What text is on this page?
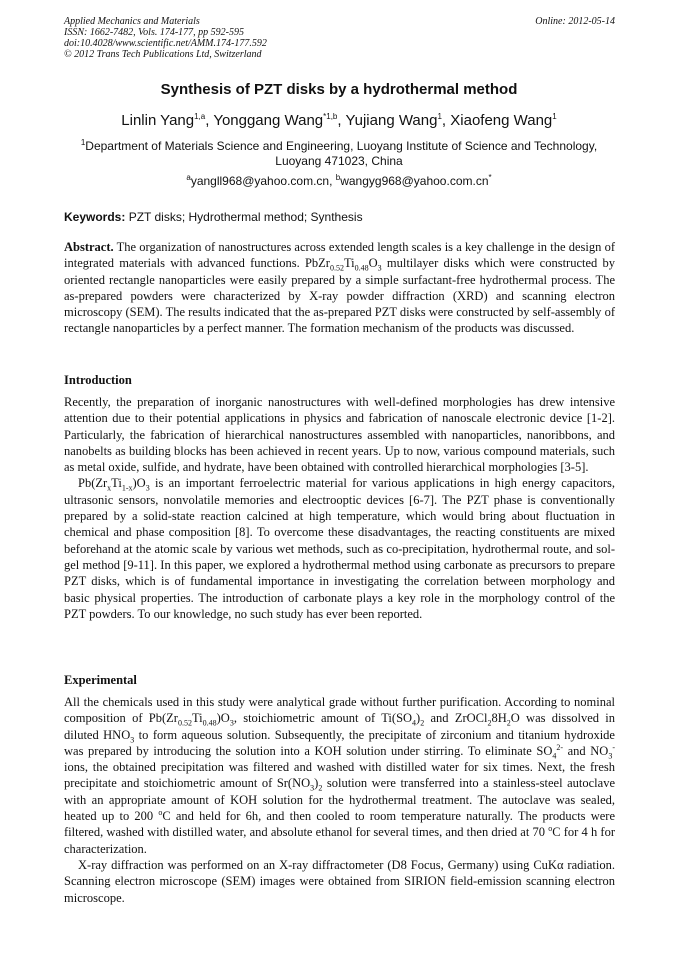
Applied Mechanics and Materials
ISSN: 1662-7482, Vols. 174-177, pp 592-595
doi:10.4028/www.scientific.net/AMM.174-177.592
© 2012 Trans Tech Publications Ltd, Switzerland
Online: 2012-05-14
Synthesis of PZT disks by a hydrothermal method
Linlin Yang$^{1,a}$, Yonggang Wang$^{*1,b}$, Yujiang Wang$^1$, Xiaofeng Wang$^1$
$^1$Department of Materials Science and Engineering, Luoyang Institute of Science and Technology,
Luoyang 471023, China
$^a$yangll968@yahoo.com.cn, $^b$wangyg968@yahoo.com.cn*
Keywords: PZT disks; Hydrothermal method; Synthesis

Abstract. The organization of nanostructures across extended length scales is a key challenge in the design of integrated materials with advanced functions. $PbZr_{0.52}Ti_{0.48}O_3$ multilayer disks which were constructed by oriented rectangle nanoparticles were easily prepared by a simple surfactant-free hydrothermal process. The as-prepared powders were characterized by X-ray powder diffraction (XRD) and scanning electron microscopy (SEM). The results indicated that the as-prepared PZT disks were constructed by self-assembly of rectangle nanoparticles by a perfect manner. The formation mechanism of the products was discussed.

Introduction

Recently, the preparation of inorganic nanostructures with well-defined morphologies has drew intensive attention due to their potential applications in physics and fabrication of nanoscale electronic device [1-2]. Particularly, the fabrication of hierarchical nanostructures assembled with nanoparticles, nanoribbons, and nanobelts as building blocks has been achieved in recent years. Up to now, various compound materials, such as metal oxide, sulfide, and hydrate, have been obtained with controlled hierarchical morphologies [3-5].

$Pb(Zr_xTi_{1-x})O_3$ is an important ferroelectric material for various applications in high energy capacitors, ultrasonic sensors, nonvolatile memories and electrooptic devices [6-7]. The PZT phase is conventionally prepared by a solid-state reaction calcined at high temperature, which would bring about fluctuation in chemical and phase composition [8]. To overcome these disadvantages, the reacting constituents are mixed beforehand at the atomic scale by various wet methods, such as co-precipitation, hydrothermal route, and sol-gel method [9-11]. In this paper, we explored a hydrothermal method using carbonate as precursors to prepare PZT disks, which is of fundamental importance in investigating the correlation between morphology and basic physical properties. The introduction of carbonate plays a key role in the morphology control of the PZT powders. To our knowledge, no such study has ever been reported.

Experimental

All the chemicals used in this study were analytical grade without further purification. According to nominal composition of $Pb(Zr_{0.52}Ti_{0.48})O_3$, stoichiometric amount of $Ti(SO_4)_2$ and $ZrOCl_28H_2O$ was dissolved in diluted $HNO_3$ to form aqueous solution. Subsequently, the precipitate of zirconium and titanium hydroxide was prepared by introducing the solution into a KOH solution under stirring. To eliminate $SO_4^{2-}$ and $NO_3^-$ ions, the obtained precipitation was filtered and washed with distilled water for six times. Next, the fresh precipitate and stoichiometric amount of $Sr(NO_3)_2$ solution were transferred into a stainless-steel autoclave with an appropriate amount of KOH solution for the hydrothermal treatment. The autoclave was sealed, heated up to 200 $^o$C and held for 6h, and then cooled to room temperature naturally. The products were filtered, washed with distilled water, and absolute ethanol for several times, and then dried at 70 $^o$C for 4 h for characterization.

X-ray diffraction was performed on an X-ray diffractometer (D8 Focus, Germany) using CuKα radiation. Scanning electron microscope (SEM) images were obtained from SIRION field-emission scanning electron microscope.
